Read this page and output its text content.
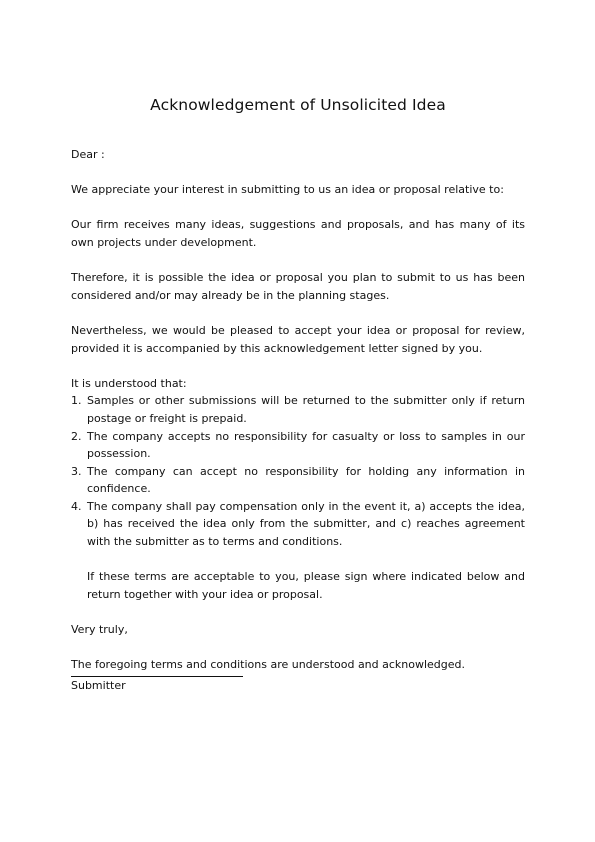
Acknowledgement of Unsolicited Idea

Dear :

We appreciate your interest in submitting to us an idea or proposal relative to:

Our firm receives many ideas, suggestions and proposals, and has many of its own projects under development.

Therefore, it is possible the idea or proposal you plan to submit to us has been considered and/or may already be in the planning stages.

Nevertheless, we would be pleased to accept your idea or proposal for review, provided it is accompanied by this acknowledgement letter signed by you.

It is understood that:

1. Samples or other submissions will be returned to the submitter only if return postage or freight is prepaid.
2. The company accepts no responsibility for casualty or loss to samples in our possession.
3. The company can accept no responsibility for holding any information in confidence.
4. The company shall pay compensation only in the event it, a) accepts the idea, b) has received the idea only from the submitter, and c) reaches agreement with the submitter as to terms and conditions.

If these terms are acceptable to you, please sign where indicated below and return together with your idea or proposal.

Very truly,

The foregoing terms and conditions are understood and acknowledged.

Submitter
